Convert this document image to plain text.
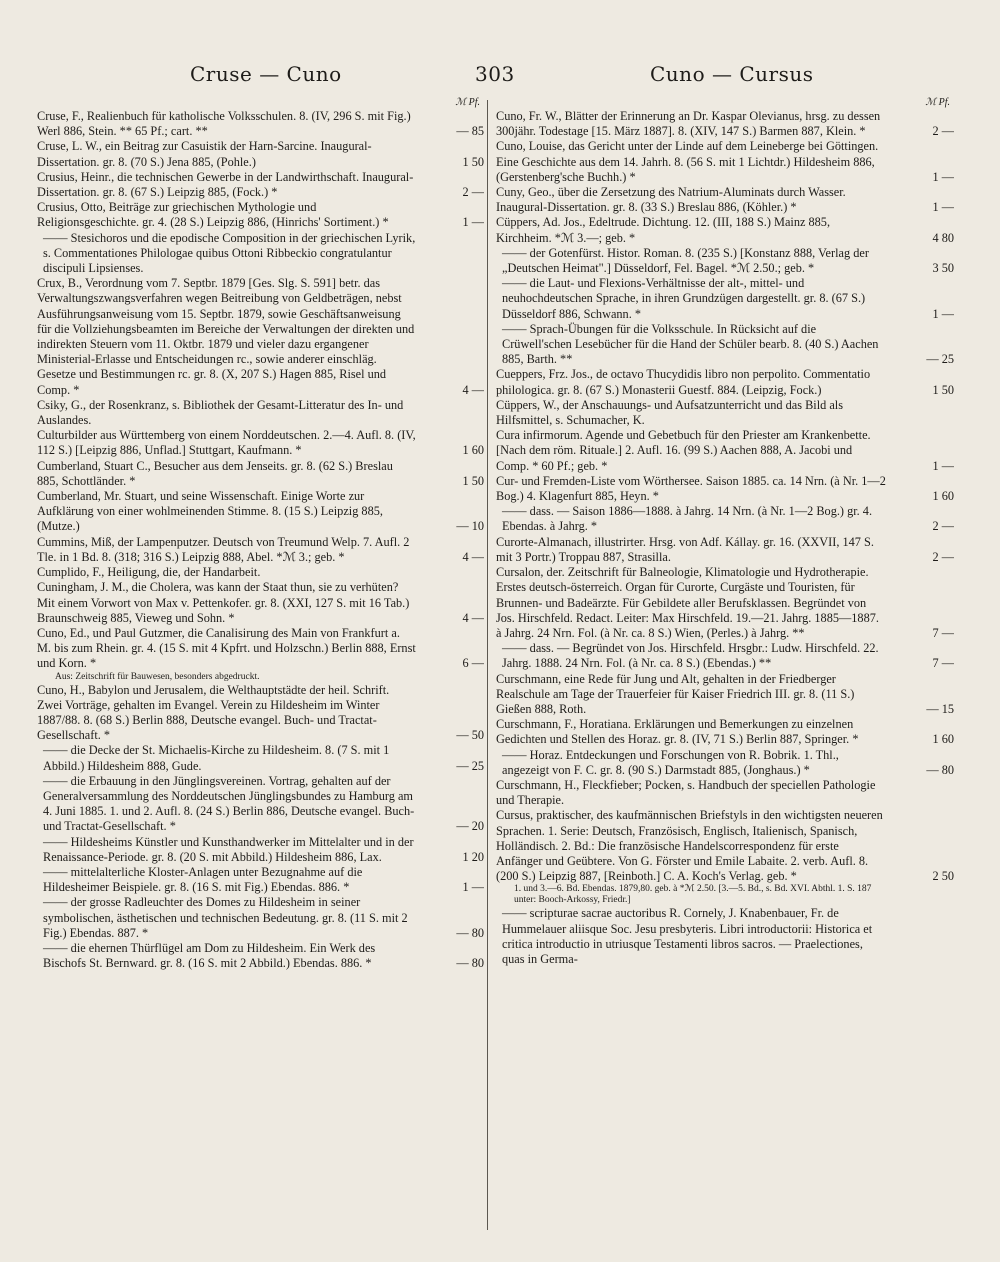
Cruse — Cuno	303	Cuno — Cursus
ℳ Pf.

Cruse, F., Realienbuch für katholische Volksschulen. 8. (IV, 296 S. mit Fig.) Werl 886, Stein. ** 65 Pf.; cart. **	— 85

Cruse, L. W., ein Beitrag zur Casuistik der Harn-Sarcine. Inaugural-Dissertation. gr. 8. (70 S.) Jena 885, (Pohle.)	1 50

Crusius, Heinr., die technischen Gewerbe in der Landwirthschaft. Inaugural-Dissertation. gr. 8. (67 S.) Leipzig 885, (Fock.) *	2 —

Crusius, Otto, Beiträge zur griechischen Mythologie und Religionsgeschichte. gr. 4. (28 S.) Leipzig 886, (Hinrichs' Sortiment.) *	1 —

—— Stesichoros und die epodische Composition in der griechischen Lyrik, s. Commentationes Philologae quibus Ottoni Ribbeckio congratulantur discipuli Lipsienses.

Crux, B., Verordnung vom 7. Septbr. 1879 [Ges. Slg. S. 591] betr. das Verwaltungszwangsverfahren wegen Beitreibung von Geldbeträgen, nebst Ausführungsanweisung vom 15. Septbr. 1879, sowie Geschäftsanweisung für die Vollziehungsbeamten im Bereiche der Verwaltungen der direkten und indirekten Steuern vom 11. Oktbr. 1879 und vieler dazu ergangener Ministerial-Erlasse und Entscheidungen rc., sowie anderer einschläg. Gesetze und Bestimmungen rc. gr. 8. (X, 207 S.) Hagen 885, Risel und Comp. *	4 —

Csiky, G., der Rosenkranz, s. Bibliothek der Gesamt-Litteratur des In- und Auslandes.

Culturbilder aus Württemberg von einem Norddeutschen. 2.—4. Aufl. 8. (IV, 112 S.) [Leipzig 886, Unflad.] Stuttgart, Kaufmann. *	1 60

Cumberland, Stuart C., Besucher aus dem Jenseits. gr. 8. (62 S.) Breslau 885, Schottländer. *	1 50

Cumberland, Mr. Stuart, und seine Wissenschaft. Einige Worte zur Aufklärung von einer wohlmeinenden Stimme. 8. (15 S.) Leipzig 885, (Mutze.)	— 10

Cummins, Miß, der Lampenputzer. Deutsch von Treumund Welp. 7. Aufl. 2 Tle. in 1 Bd. 8. (318; 316 S.) Leipzig 888, Abel. *ℳ 3.; geb. *	4 —

Cumplido, F., Heiligung, die, der Handarbeit.

Cuningham, J. M., die Cholera, was kann der Staat thun, sie zu verhüten? Mit einem Vorwort von Max v. Pettenkofer. gr. 8. (XXI, 127 S. mit 16 Tab.) Braunschweig 885, Vieweg und Sohn. *	4 —

Cuno, Ed., und Paul Gutzmer, die Canalisirung des Main von Frankfurt a. M. bis zum Rhein. gr. 4. (15 S. mit 4 Kpfrt. und Holzschn.) Berlin 888, Ernst und Korn. *	6 —

Aus: Zeitschrift für Bauwesen, besonders abgedruckt.

Cuno, H., Babylon und Jerusalem, die Welthauptstädte der heil. Schrift. Zwei Vorträge, gehalten im Evangel. Verein zu Hildesheim im Winter 1887/88. 8. (68 S.) Berlin 888, Deutsche evangel. Buch- und Tractat-Gesellschaft. *	— 50

—— die Decke der St. Michaelis-Kirche zu Hildesheim. 8. (7 S. mit 1 Abbild.) Hildesheim 888, Gude.	— 25

—— die Erbauung in den Jünglingsvereinen. Vortrag, gehalten auf der Generalversammlung des Norddeutschen Jünglingsbundes zu Hamburg am 4. Juni 1885. 1. und 2. Aufl. 8. (24 S.) Berlin 886, Deutsche evangel. Buch- und Tractat-Gesellschaft. *	— 20

—— Hildesheims Künstler und Kunsthandwerker im Mittelalter und in der Renaissance-Periode. gr. 8. (20 S. mit Abbild.) Hildesheim 886, Lax.	1 20

—— mittelalterliche Kloster-Anlagen unter Bezugnahme auf die Hildesheimer Beispiele. gr. 8. (16 S. mit Fig.) Ebendas. 886. *	1 —

—— der grosse Radleuchter des Domes zu Hildesheim in seiner symbolischen, ästhetischen und technischen Bedeutung. gr. 8. (11 S. mit 2 Fig.) Ebendas. 887. *	— 80

—— die ehernen Thürflügel am Dom zu Hildesheim. Ein Werk des Bischofs St. Bernward. gr. 8. (16 S. mit 2 Abbild.) Ebendas. 886. *	— 80

ℳ Pf.

Cuno, Fr. W., Blätter der Erinnerung an Dr. Kaspar Olevianus, hrsg. zu dessen 300jähr. Todestage [15. März 1887]. 8. (XIV, 147 S.) Barmen 887, Klein. *	2 —

Cuno, Louise, das Gericht unter der Linde auf dem Leineberge bei Göttingen. Eine Geschichte aus dem 14. Jahrh. 8. (56 S. mit 1 Lichtdr.) Hildesheim 886, (Gerstenberg'sche Buchh.) *	1 —

Cuny, Geo., über die Zersetzung des Natrium-Aluminats durch Wasser. Inaugural-Dissertation. gr. 8. (33 S.) Breslau 886, (Köhler.) *	1 —

Cüppers, Ad. Jos., Edeltrude. Dichtung. 12. (III, 188 S.) Mainz 885, Kirchheim. *ℳ 3.—; geb. *	4 80

—— der Gotenfürst. Histor. Roman. 8. (235 S.) [Konstanz 888, Verlag der „Deutschen Heimat".] Düsseldorf, Fel. Bagel. *ℳ 2.50.; geb. *	3 50

—— die Laut- und Flexions-Verhältnisse der alt-, mittel- und neuhochdeutschen Sprache, in ihren Grundzügen dargestellt. gr. 8. (67 S.) Düsseldorf 886, Schwann. *	1 —

—— Sprach-Übungen für die Volksschule. In Rücksicht auf die Crüwell'schen Lesebücher für die Hand der Schüler bearb. 8. (40 S.) Aachen 885, Barth. **	— 25

Cueppers, Frz. Jos., de octavo Thucydidis libro non perpolito. Commentatio philologica. gr. 8. (67 S.) Monasterii Guestf. 884. (Leipzig, Fock.)	1 50

Cüppers, W., der Anschauungs- und Aufsatzunterricht und das Bild als Hilfsmittel, s. Schumacher, K.

Cura infirmorum. Agende und Gebetbuch für den Priester am Krankenbette. [Nach dem röm. Rituale.] 2. Aufl. 16. (99 S.) Aachen 888, A. Jacobi und Comp. * 60 Pf.; geb. *	1 —

Cur- und Fremden-Liste vom Wörthersee. Saison 1885. ca. 14 Nrn. (à Nr. 1—2 Bog.) 4. Klagenfurt 885, Heyn. *	1 60

—— dass. — Saison 1886—1888. à Jahrg. 14 Nrn. (à Nr. 1—2 Bog.) gr. 4. Ebendas. à Jahrg. *	2 —

Curorte-Almanach, illustrirter. Hrsg. von Adf. Kállay. gr. 16. (XXVII, 147 S. mit 3 Portr.) Troppau 887, Strasilla.	2 —

Cursalon, der. Zeitschrift für Balneologie, Klimatologie und Hydrotherapie. Erstes deutsch-österreich. Organ für Curorte, Curgäste und Touristen, für Brunnen- und Badeärzte. Für Gebildete aller Berufsklassen. Begründet von Jos. Hirschfeld. Redact. Leiter: Max Hirschfeld. 19.—21. Jahrg. 1885—1887. à Jahrg. 24 Nrn. Fol. (à Nr. ca. 8 S.) Wien, (Perles.) à Jahrg. **	7 —

—— dass. — Begründet von Jos. Hirschfeld. Hrsgbr.: Ludw. Hirschfeld. 22. Jahrg. 1888. 24 Nrn. Fol. (à Nr. ca. 8 S.) (Ebendas.) **	7 —

Curschmann, eine Rede für Jung und Alt, gehalten in der Friedberger Realschule am Tage der Trauerfeier für Kaiser Friedrich III. gr. 8. (11 S.) Gießen 888, Roth.	— 15

Curschmann, F., Horatiana. Erklärungen und Bemerkungen zu einzelnen Gedichten und Stellen des Horaz. gr. 8. (IV, 71 S.) Berlin 887, Springer. *	1 60

—— Horaz. Entdeckungen und Forschungen von R. Bobrik. 1. Thl., angezeigt von F. C. gr. 8. (90 S.) Darmstadt 885, (Jonghaus.) *	— 80

Curschmann, H., Fleckfieber; Pocken, s. Handbuch der speciellen Pathologie und Therapie.

Cursus, praktischer, des kaufmännischen Briefstyls in den wichtigsten neueren Sprachen. 1. Serie: Deutsch, Französisch, Englisch, Italienisch, Spanisch, Holländisch. 2. Bd.: Die französische Handelscorrespondenz für erste Anfänger und Geübtere. Von G. Förster und Emile Labaite. 2. verb. Aufl. 8. (200 S.) Leipzig 887, [Reinboth.] C. A. Koch's Verlag. geb. *	2 50

1. und 3.—6. Bd. Ebendas. 1879,80. geb. à *ℳ 2.50. [3.—5. Bd., s. Bd. XVI. Abthl. 1. S. 187 unter: Booch-Arkossy, Friedr.]

—— scripturae sacrae auctoribus R. Cornely, J. Knabenbauer, Fr. de Hummelauer aliisque Soc. Jesu presbyteris. Libri introductorii: Historica et critica introductio in utriusque Testamenti libros sacros. — Praelectiones, quas in Germa-
